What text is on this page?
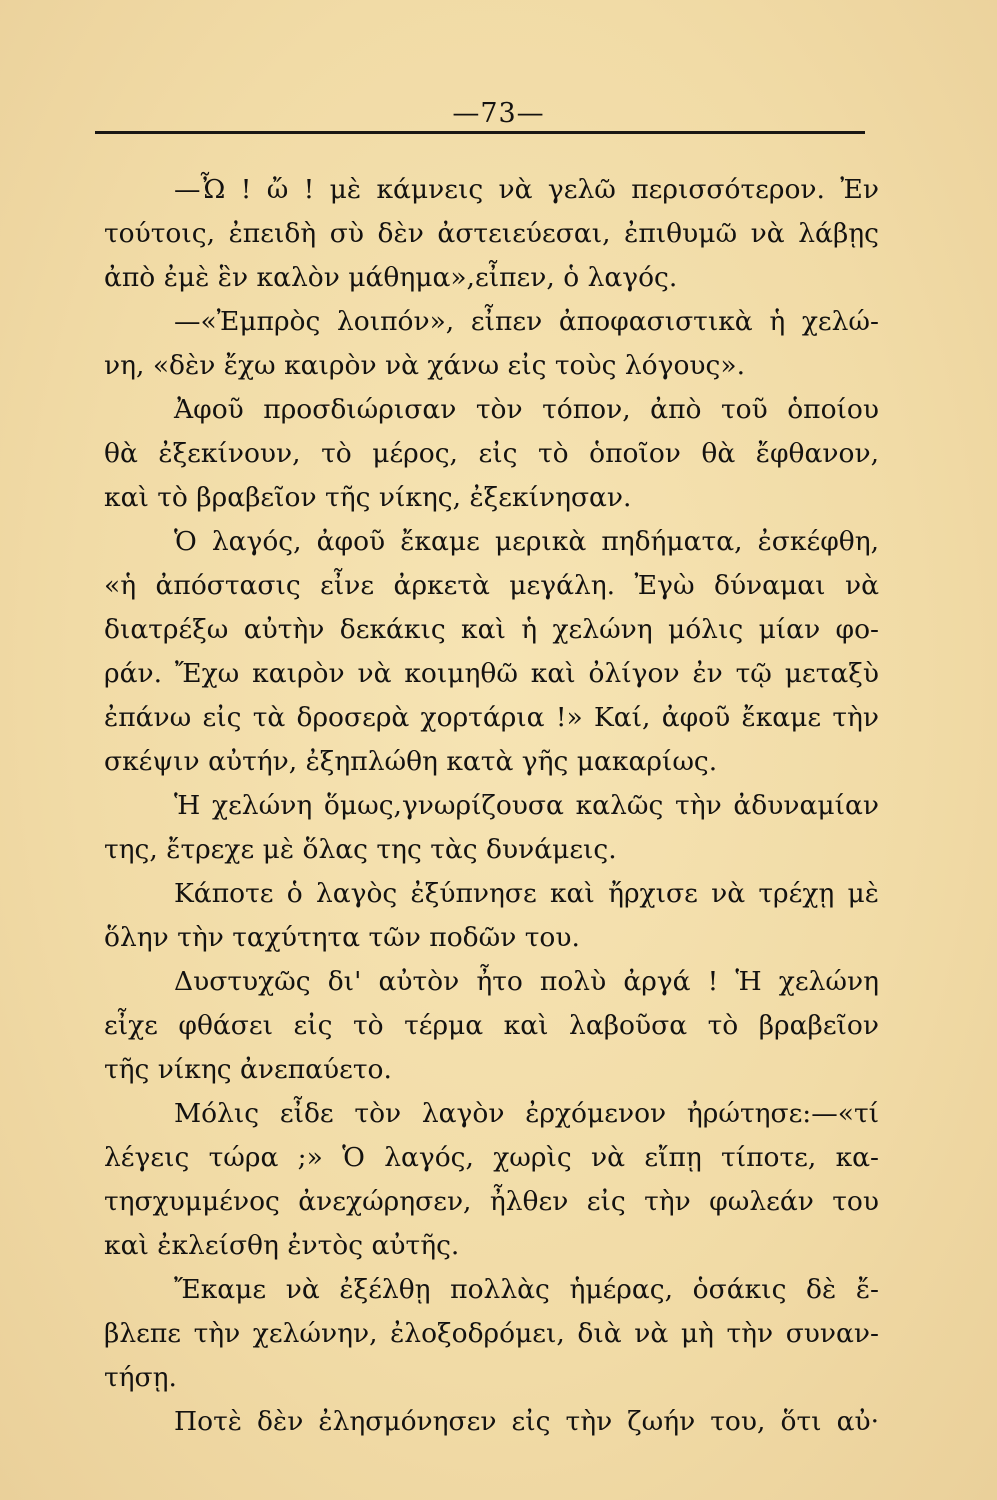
—73—
—Ὦ ! ὤ ! μὲ κάμνεις νὰ γελῶ περισσότερον. Ἐν
τούτοις, ἐπειδὴ σὺ δὲν ἀστειεύεσαι, ἐπιθυμῶ νὰ λάβῃς
ἀπὸ ἐμὲ ἓν καλὸν μάθημα»,εἶπεν, ὁ λαγός.
—«Ἐμπρὸς λοιπόν», εἶπεν ἀποφασιστικὰ ἡ χελώ-
νη, «δὲν ἔχω καιρὸν νὰ χάνω εἰς τοὺς λόγους».
Ἀφοῦ προσδιώρισαν τὸν τόπον, ἀπὸ τοῦ ὁποίου
θὰ ἐξεκίνουν, τὸ μέρος, εἰς τὸ ὁποῖον θὰ ἔφθανον,
καὶ τὸ βραβεῖον τῆς νίκης, ἐξεκίνησαν.
Ὁ λαγός, ἀφοῦ ἔκαμε μερικὰ πηδήματα, ἐσκέφθη,
«ἡ ἀπόστασις εἶνε ἀρκετὰ μεγάλη. Ἐγὼ δύναμαι νὰ
διατρέξω αὐτὴν δεκάκις καὶ ἡ χελώνη μόλις μίαν φο-
ράν. Ἔχω καιρὸν νὰ κοιμηθῶ καὶ ὀλίγον ἐν τῷ μεταξὺ
ἐπάνω εἰς τὰ δροσερὰ χορτάρια !» Καί, ἀφοῦ ἔκαμε τὴν
σκέψιν αὐτήν, ἐξηπλώθη κατὰ γῆς μακαρίως.
Ἡ χελώνη ὅμως,γνωρίζουσα καλῶς τὴν ἀδυναμίαν
της, ἔτρεχε μὲ ὅλας της τὰς δυνάμεις.
Κάποτε ὁ λαγὸς ἐξύπνησε καὶ ἤρχισε νὰ τρέχῃ μὲ
ὅλην τὴν ταχύτητα τῶν ποδῶν του.
Δυστυχῶς δι' αὐτὸν ἦτο πολὺ ἀργά ! Ἡ χελώνη
εἶχε φθάσει εἰς τὸ τέρμα καὶ λαβοῦσα τὸ βραβεῖον
τῆς νίκης ἀνεπαύετο.
Μόλις εἶδε τὸν λαγὸν ἐρχόμενον ἠρώτησε:—«τί
λέγεις τώρα ;» Ὁ λαγός, χωρὶς νὰ εἴπῃ τίποτε, κα-
τησχυμμένος ἀνεχώρησεν, ἦλθεν εἰς τὴν φωλεάν του
καὶ ἐκλείσθη ἐντὸς αὐτῆς.
Ἔκαμε νὰ ἐξέλθῃ πολλὰς ἡμέρας, ὁσάκις δὲ ἔ-
βλεπε τὴν χελώνην, ἐλοξοδρόμει, διὰ νὰ μὴ τὴν συναν-
τήσῃ.
Ποτὲ δὲν ἐλησμόνησεν εἰς τὴν ζωήν του, ὅτι αὐ·
